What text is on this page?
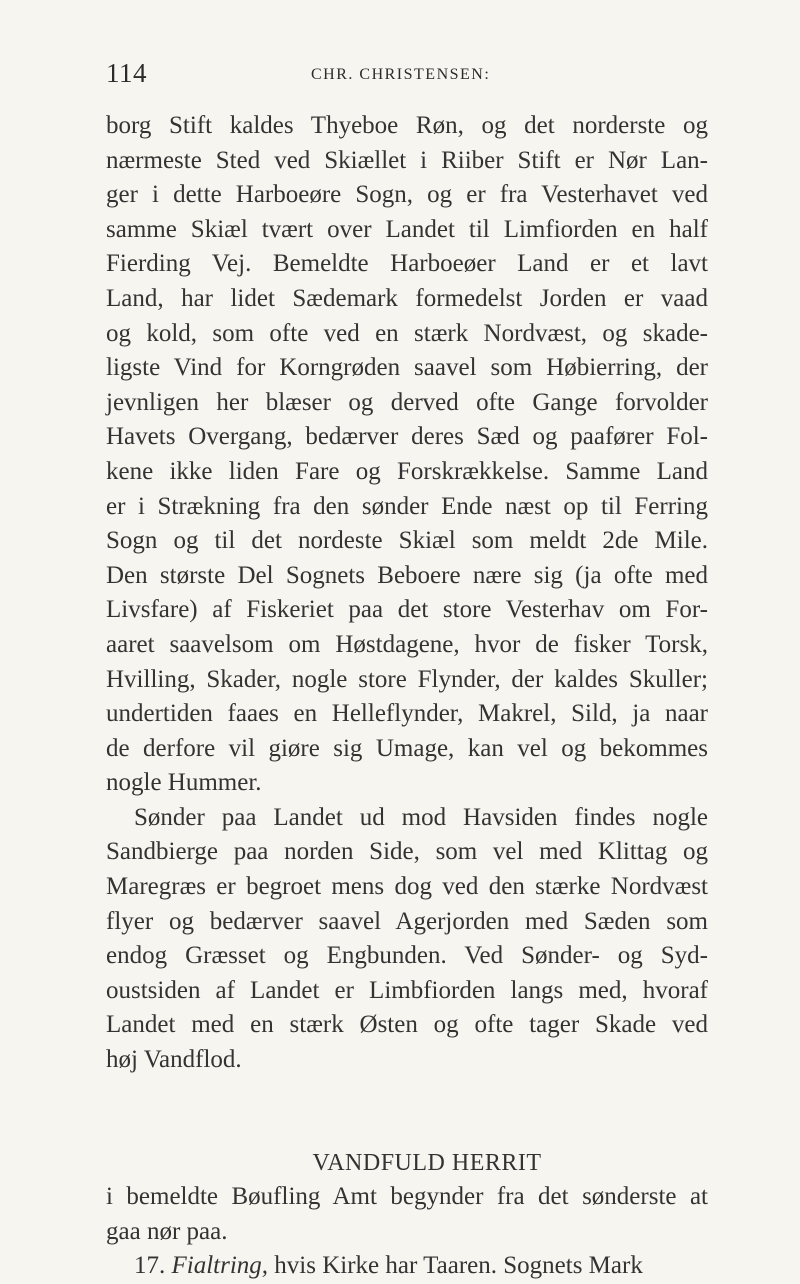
114	CHR. CHRISTENSEN:
borg Stift kaldes Thyeboe Røn, og det norderste og
nærmeste Sted ved Skiællet i Riiber Stift er Nør Lan-
ger i dette Harboeøre Sogn, og er fra Vesterhavet ved
samme Skiæl tvært over Landet til Limfiorden en half
Fierding Vej. Bemeldte Harboeøer Land er et lavt
Land, har lidet Sædemark formedelst Jorden er vaad
og kold, som ofte ved en stærk Nordvæst, og skade-
ligste Vind for Korngrøden saavel som Høbierring, der
jevnligen her blæser og derved ofte Gange forvolder
Havets Overgang, bedærver deres Sæd og paafører Fol-
kene ikke liden Fare og Forskrækkelse. Samme Land
er i Strækning fra den sønder Ende næst op til Ferring
Sogn og til det nordeste Skiæl som meldt 2de Mile.
Den største Del Sognets Beboere nære sig (ja ofte med
Livsfare) af Fiskeriet paa det store Vesterhav om For-
aaret saavelsom om Høstdagene, hvor de fisker Torsk,
Hvilling, Skader, nogle store Flynder, der kaldes Skuller;
undertiden faaes en Helleflynder, Makrel, Sild, ja naar
de derfore vil giøre sig Umage, kan vel og bekommes
nogle Hummer.
Sønder paa Landet ud mod Havsiden findes nogle
Sandbierge paa norden Side, som vel med Klittag og
Maregræs er begroet mens dog ved den stærke Nordvæst
flyer og bedærver saavel Agerjorden med Sæden som
endog Græsset og Engbunden. Ved Sønder- og Syd-
oustsiden af Landet er Limbfiorden langs med, hvoraf
Landet med en stærk Østen og ofte tager Skade ved
høj Vandflod.
VANDFULD HERRIT
i bemeldte Bøufling Amt begynder fra det sønderste at
gaa nør paa.
17. Fialtring, hvis Kirke har Taaren. Sognets Mark
